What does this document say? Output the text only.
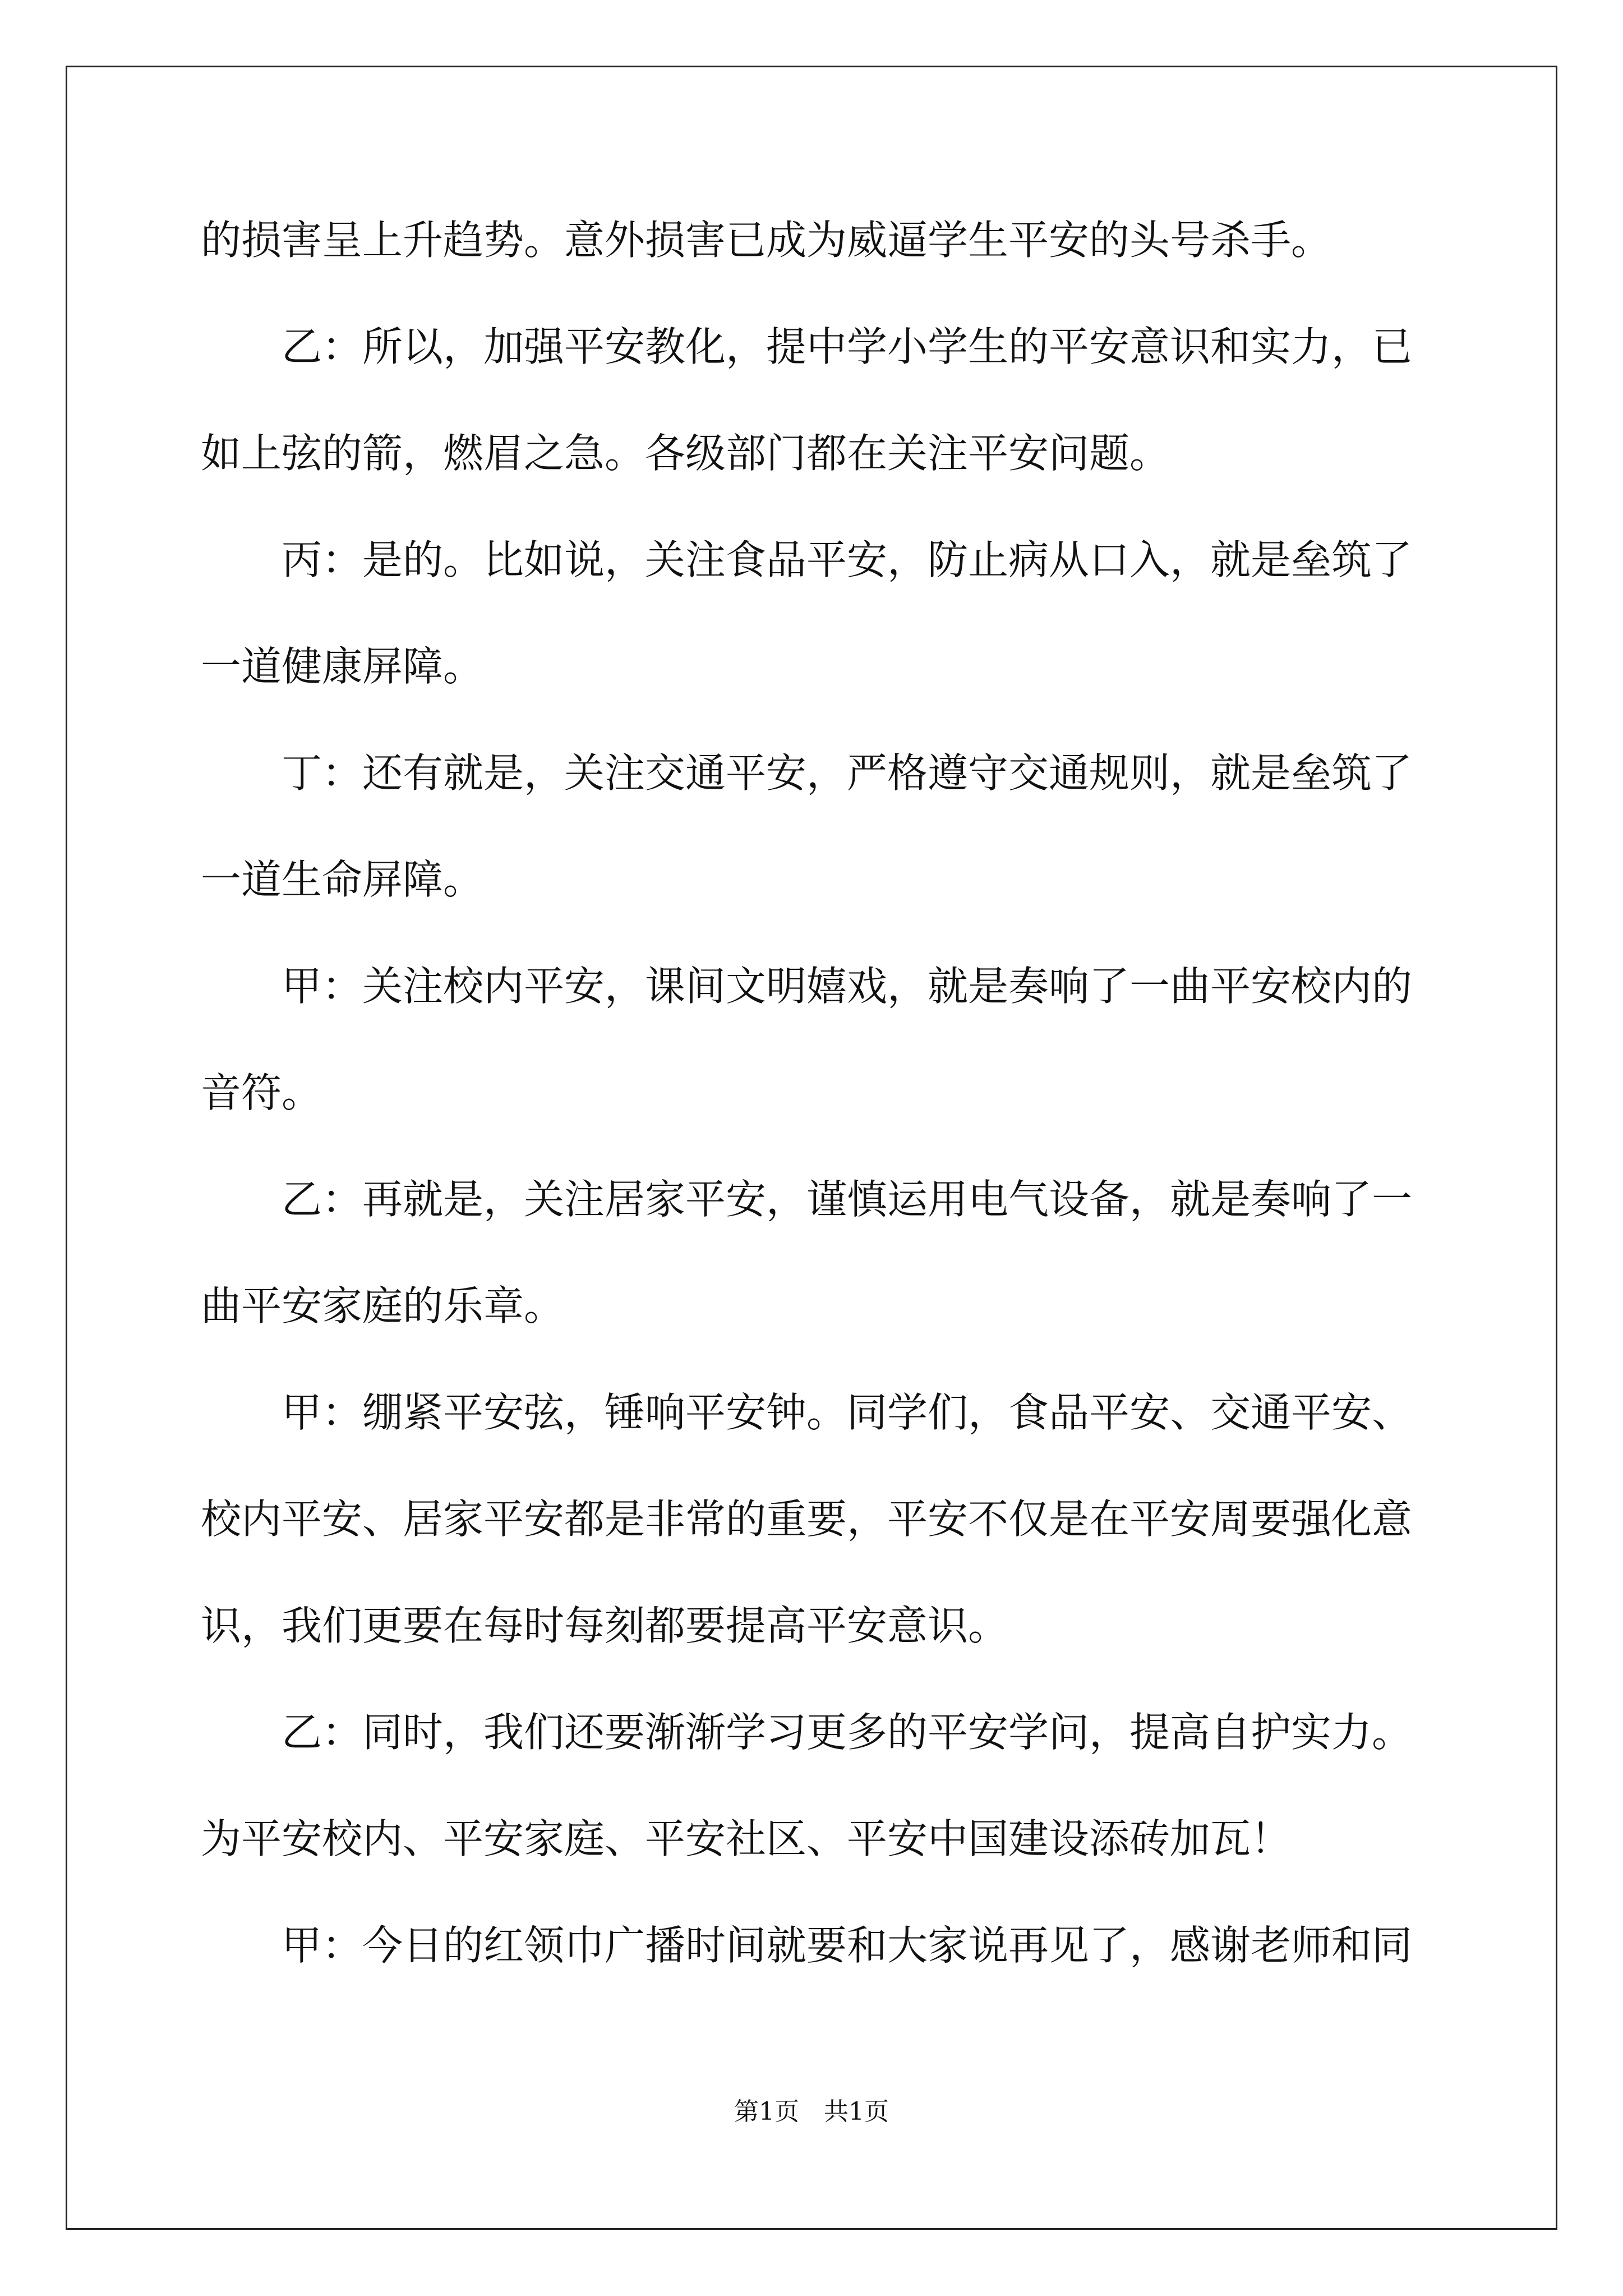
的损害呈上升趋势。意外损害已成为威逼学生平安的头号杀手。
乙：所以，加强平安教化，提中学小学生的平安意识和实力，已
如上弦的箭，燃眉之急。各级部门都在关注平安问题。
丙：是的。比如说，关注食品平安，防止病从口入，就是垒筑了
一道健康屏障。
丁：还有就是，关注交通平安，严格遵守交通规则，就是垒筑了
一道生命屏障。
甲：关注校内平安，课间文明嬉戏，就是奏响了一曲平安校内的
音符。
乙：再就是，关注居家平安，谨慎运用电气设备，就是奏响了一
曲平安家庭的乐章。
甲：绷紧平安弦，锤响平安钟。同学们，食品平安、交通平安、
校内平安、居家平安都是非常的重要，平安不仅是在平安周要强化意
识，我们更要在每时每刻都要提高平安意识。
乙：同时，我们还要渐渐学习更多的平安学问，提高自护实力。
为平安校内、平安家庭、平安社区、平安中国建设添砖加瓦！
甲：今日的红领巾广播时间就要和大家说再见了，感谢老师和同
第1页　共1页
